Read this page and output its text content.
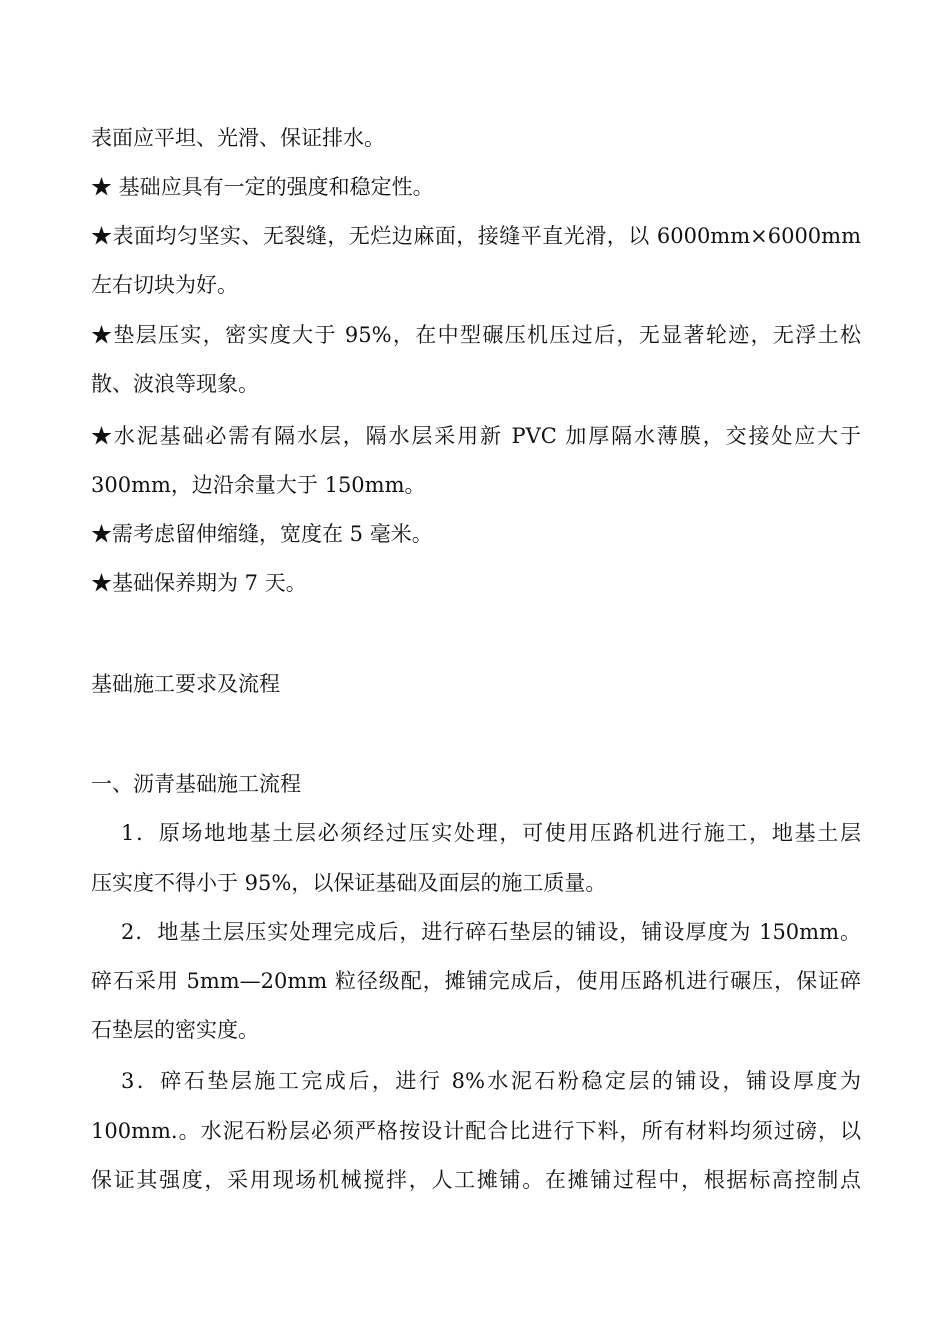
表面应平坦、光滑、保证排水。
★ 基础应具有一定的强度和稳定性。
★表面均匀坚实、无裂缝，无烂边麻面，接缝平直光滑，以 6000mm×6000mm
左右切块为好。
★垫层压实，密实度大于 95%，在中型碾压机压过后，无显著轮迹，无浮土松
散、波浪等现象。
★水泥基础必需有隔水层，隔水层采用新 PVC 加厚隔水薄膜，交接处应大于
300mm，边沿余量大于 150mm。
★需考虑留伸缩缝，宽度在 5 毫米。
★基础保养期为 7 天。
基础施工要求及流程
一、沥青基础施工流程
1．原场地地基土层必须经过压实处理，可使用压路机进行施工，地基土层
压实度不得小于 95%，以保证基础及面层的施工质量。
2．地基土层压实处理完成后，进行碎石垫层的铺设，铺设厚度为 150mm。
碎石采用 5mm—20mm 粒径级配，摊铺完成后，使用压路机进行碾压，保证碎
石垫层的密实度。
3．碎石垫层施工完成后，进行 8%水泥石粉稳定层的铺设，铺设厚度为
100mm.。水泥石粉层必须严格按设计配合比进行下料，所有材料均须过磅，以
保证其强度，采用现场机械搅拌，人工摊铺。在摊铺过程中，根据标高控制点
